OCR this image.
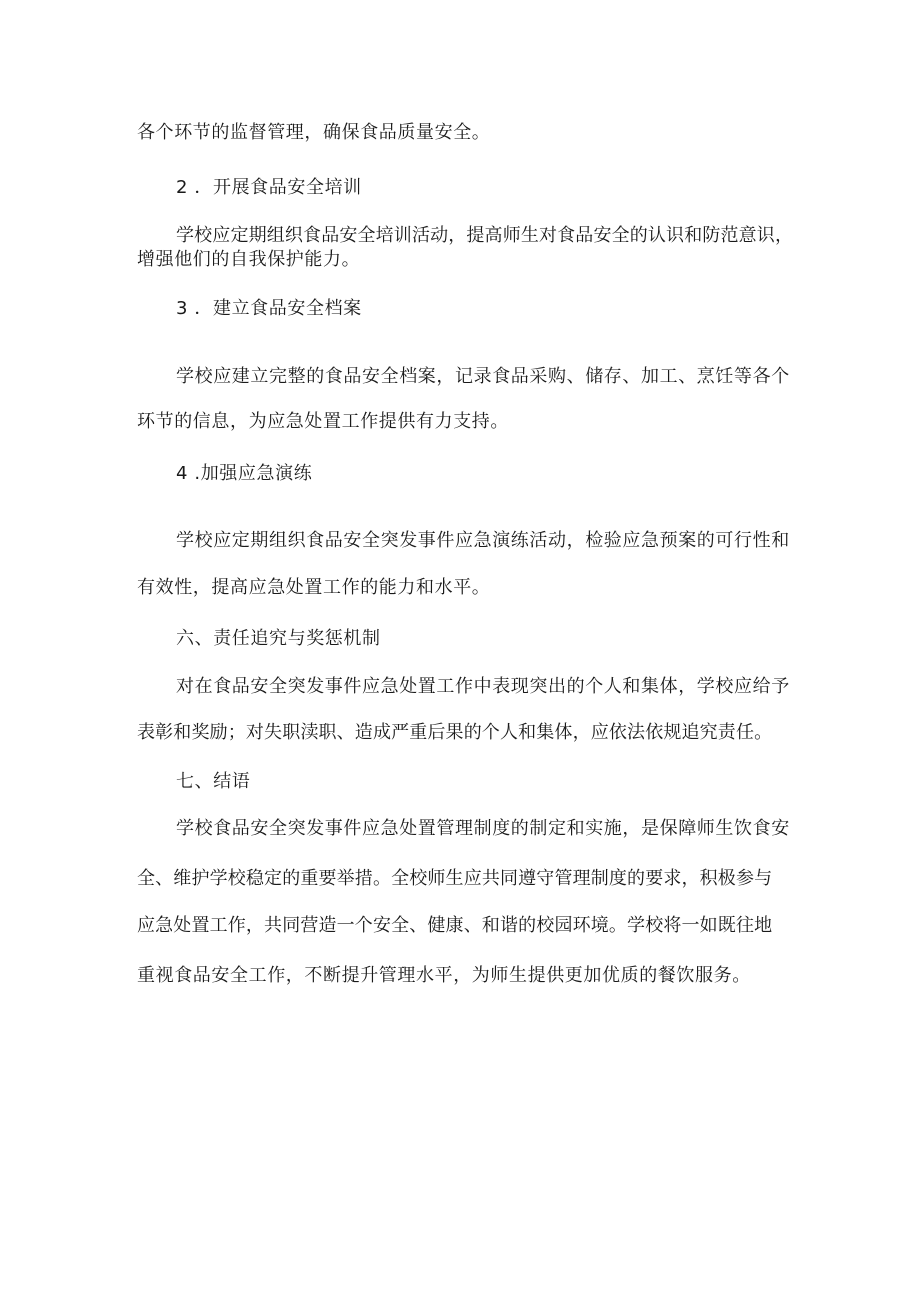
各个环节的监督管理，确保食品质量安全。
2 ．开展食品安全培训
学校应定期组织食品安全培训活动，提高师生对食品安全的认识和防范意识，
增强他们的自我保护能力。
3 ．建立食品安全档案
学校应建立完整的食品安全档案，记录食品采购、储存、加工、烹饪等各个
环节的信息，为应急处置工作提供有力支持。
4 .加强应急演练
学校应定期组织食品安全突发事件应急演练活动，检验应急预案的可行性和
有效性，提高应急处置工作的能力和水平。
六、责任追究与奖惩机制
对在食品安全突发事件应急处置工作中表现突出的个人和集体，学校应给予
表彰和奖励；对失职渎职、造成严重后果的个人和集体，应依法依规追究责任。
七、结语
学校食品安全突发事件应急处置管理制度的制定和实施，是保障师生饮食安
全、维护学校稳定的重要举措。全校师生应共同遵守管理制度的要求，积极参与
应急处置工作，共同营造一个安全、健康、和谐的校园环境。学校将一如既往地
重视食品安全工作，不断提升管理水平，为师生提供更加优质的餐饮服务。
